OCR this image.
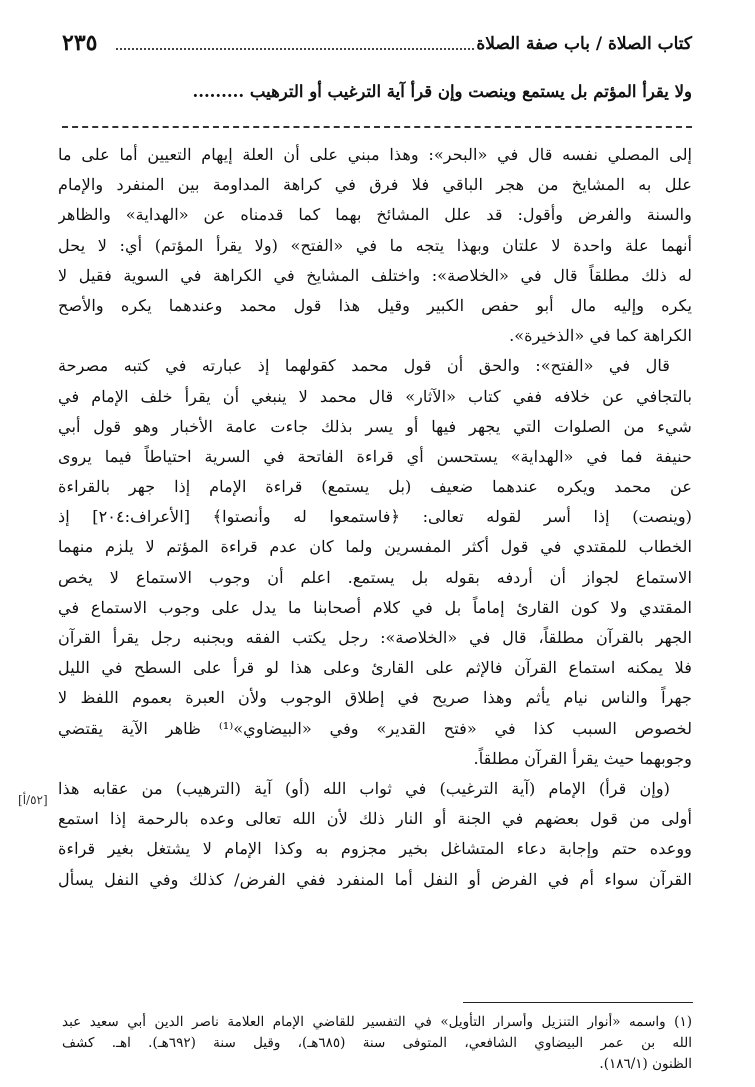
كتاب الصلاة / باب صفة الصلاة
٢٣٥
ولا يقرأ المؤتم بل يستمع وينصت وإن قرأ آية الترغيب أو الترهيب .........
إلى المصلي نفسه قال في «البحر»: وهذا مبني على أن العلة إيهام التعيين أما على ما
علل به المشايخ من هجر الباقي فلا فرق في كراهة المداومة بين المنفرد والإمام
والسنة والفرض وأقول: قد علل المشائخ بهما كما قدمناه عن «الهداية» والظاهر
أنهما علة واحدة لا علتان وبهذا يتجه ما في «الفتح» (ولا يقرأ المؤتم) أي: لا يحل
له ذلك مطلقاً قال في «الخلاصة»: واختلف المشايخ في الكراهة في السوية فقيل لا
يكره وإليه مال أبو حفص الكبير وقيل هذا قول محمد وعندهما يكره والأصح
الكراهة كما في «الذخيرة».
قال في «الفتح»: والحق أن قول محمد كقولهما إذ عبارته في كتبه مصرحة
بالتجافي عن خلافه ففي كتاب «الآثار» قال محمد لا ينبغي أن يقرأ خلف الإمام في
شيء من الصلوات التي يجهر فيها أو يسر بذلك جاءت عامة الأخبار وهو قول أبي
حنيفة فما في «الهداية» يستحسن أي قراءة الفاتحة في السرية احتياطاً فيما يروى
عن محمد ويكره عندهما ضعيف (بل يستمع) قراءة الإمام إذا جهر بالقراءة
(وينصت) إذا أسر لقوله تعالى: ﴿فاستمعوا له وأنصتوا﴾ [الأعراف:٢٠٤] إذ
الخطاب للمقتدي في قول أكثر المفسرين ولما كان عدم قراءة المؤتم لا يلزم منهما
الاستماع لجواز أن أردفه بقوله بل يستمع. اعلم أن وجوب الاستماع لا يخص
المقتدي ولا كون القارئ إماماً بل في كلام أصحابنا ما يدل على وجوب الاستماع في
الجهر بالقرآن مطلقاً، قال في «الخلاصة»: رجل يكتب الفقه وبجنبه رجل يقرأ القرآن
فلا يمكنه استماع القرآن فالإثم على القارئ وعلى هذا لو قرأ على السطح في الليل
جهراً والناس نيام يأثم وهذا صريح في إطلاق الوجوب ولأن العبرة بعموم اللفظ لا
لخصوص السبب كذا في «فتح القدير» وفي «البيضاوي»⁽¹⁾ ظاهر الآية يقتضي
وجوبهما حيث يقرأ القرآن مطلقاً.
(وإن قرأ) الإمام (آية الترغيب) في ثواب الله (أو) آية (الترهيب) من عقابه هذا
أولى من قول بعضهم في الجنة أو النار ذلك لأن الله تعالى وعده بالرحمة إذا استمع
ووعده حتم وإجابة دعاء المتشاغل بخير مجزوم به وكذا الإمام لا يشتغل بغير قراءة
القرآن سواء أم في الفرض أو النفل أما المنفرد ففي الفرض/ كذلك وفي النفل يسأل
[٥٢/أ]
(١) واسمه «أنوار التنزيل وأسرار التأويل» في التفسير للقاضي الإمام العلامة ناصر الدين أبي سعيد عبد
الله بن عمر البيضاوي الشافعي، المتوفى سنة (٦٨٥هـ)، وقيل سنة (٦٩٢هـ). اهـ. كشف
الظنون (١٨٦/١).
